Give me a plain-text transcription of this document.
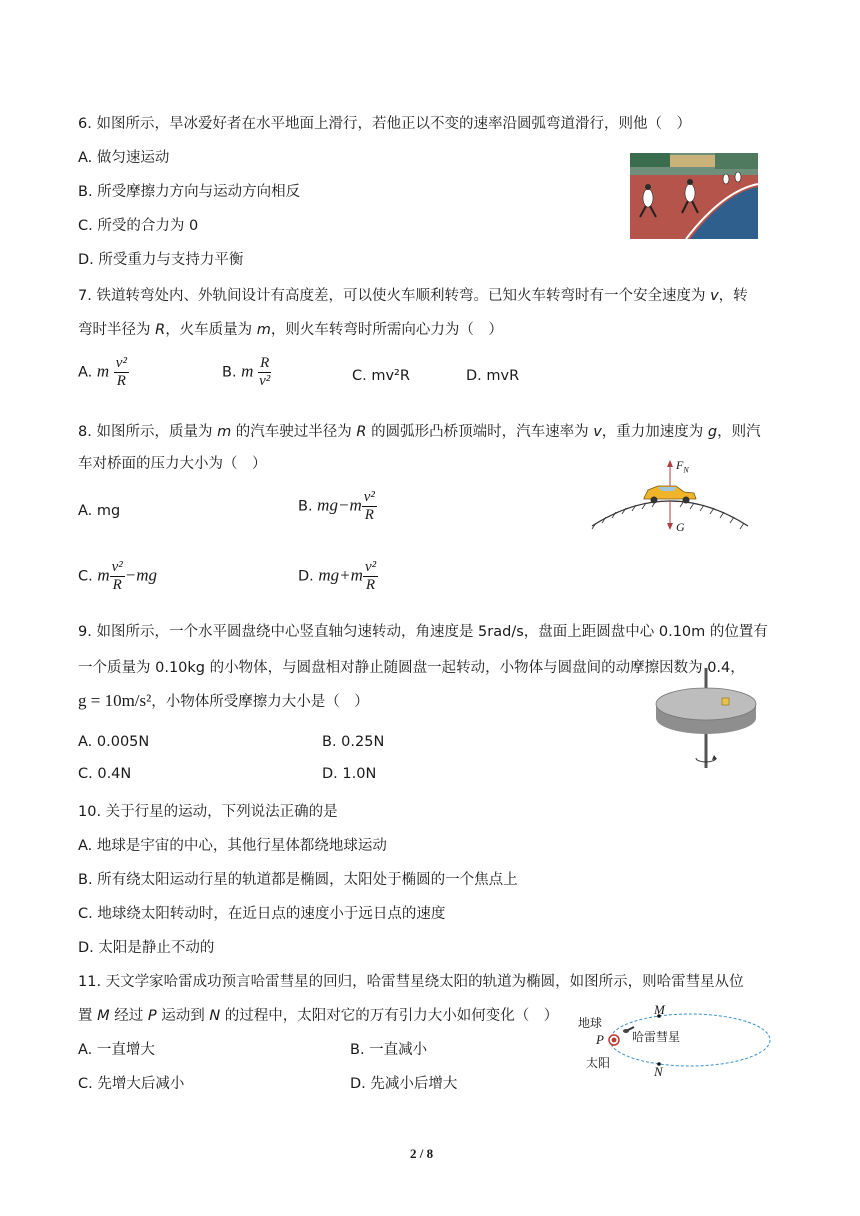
6. 如图所示，旱冰爱好者在水平地面上滑行，若他正以不变的速率沿圆弧弯道滑行，则他（　）
A. 做匀速运动
B. 所受摩擦力方向与运动方向相反
C. 所受的合力为 0
D. 所受重力与支持力平衡
7. 铁道转弯处内、外轨间设计有高度差，可以使火车顺利转弯。已知火车转弯时有一个安全速度为 v，转
弯时半径为 R，火车质量为 m，则火车转弯时所需向心力为（　）
A. m $\frac{\text{v²}}{R}$	B. m $\frac{R}{\text{v²}}$	C. mv²R	D. mvR
8. 如图所示，质量为 m 的汽车驶过半径为 R 的圆弧形凸桥顶端时，汽车速率为 v，重力加速度为 g，则汽
车对桥面的压力大小为（　）
A. mg	B. $mg-m \frac{\text{v²}}{R}$
C. m $\frac{\text{v²}}{R} -mg$	D. $mg+m \frac{\text{v²}}{R}$
$F_N$
G
9. 如图所示，一个水平圆盘绕中心竖直轴匀速转动，角速度是 5rad/s，盘面上距圆盘中心 0.10m 的位置有
一个质量为 0.10kg 的小物体，与圆盘相对静止随圆盘一起转动，小物体与圆盘间的动摩擦因数为 0.4，
g = 10m/s²，小物体所受摩擦力大小是（　）
A. 0.005N	B. 0.25N
C. 0.4N	D. 1.0N
10. 关于行星的运动，下列说法正确的是
A. 地球是宇宙的中心，其他行星体都绕地球运动
B. 所有绕太阳运动行星的轨道都是椭圆，太阳处于椭圆的一个焦点上
C. 地球绕太阳转动时，在近日点的速度小于远日点的速度
D. 太阳是静止不动的
11. 天文学家哈雷成功预言哈雷彗星的回归，哈雷彗星绕太阳的轨道为椭圆，如图所示，则哈雷彗星从位
置 M 经过 P 运动到 N 的过程中，太阳对它的万有引力大小如何变化（　）
A. 一直增大	B. 一直减小
C. 先增大后减小	D. 先减小后增大
地球
哈雷彗星
太阳
P
M
N
2 / 8
